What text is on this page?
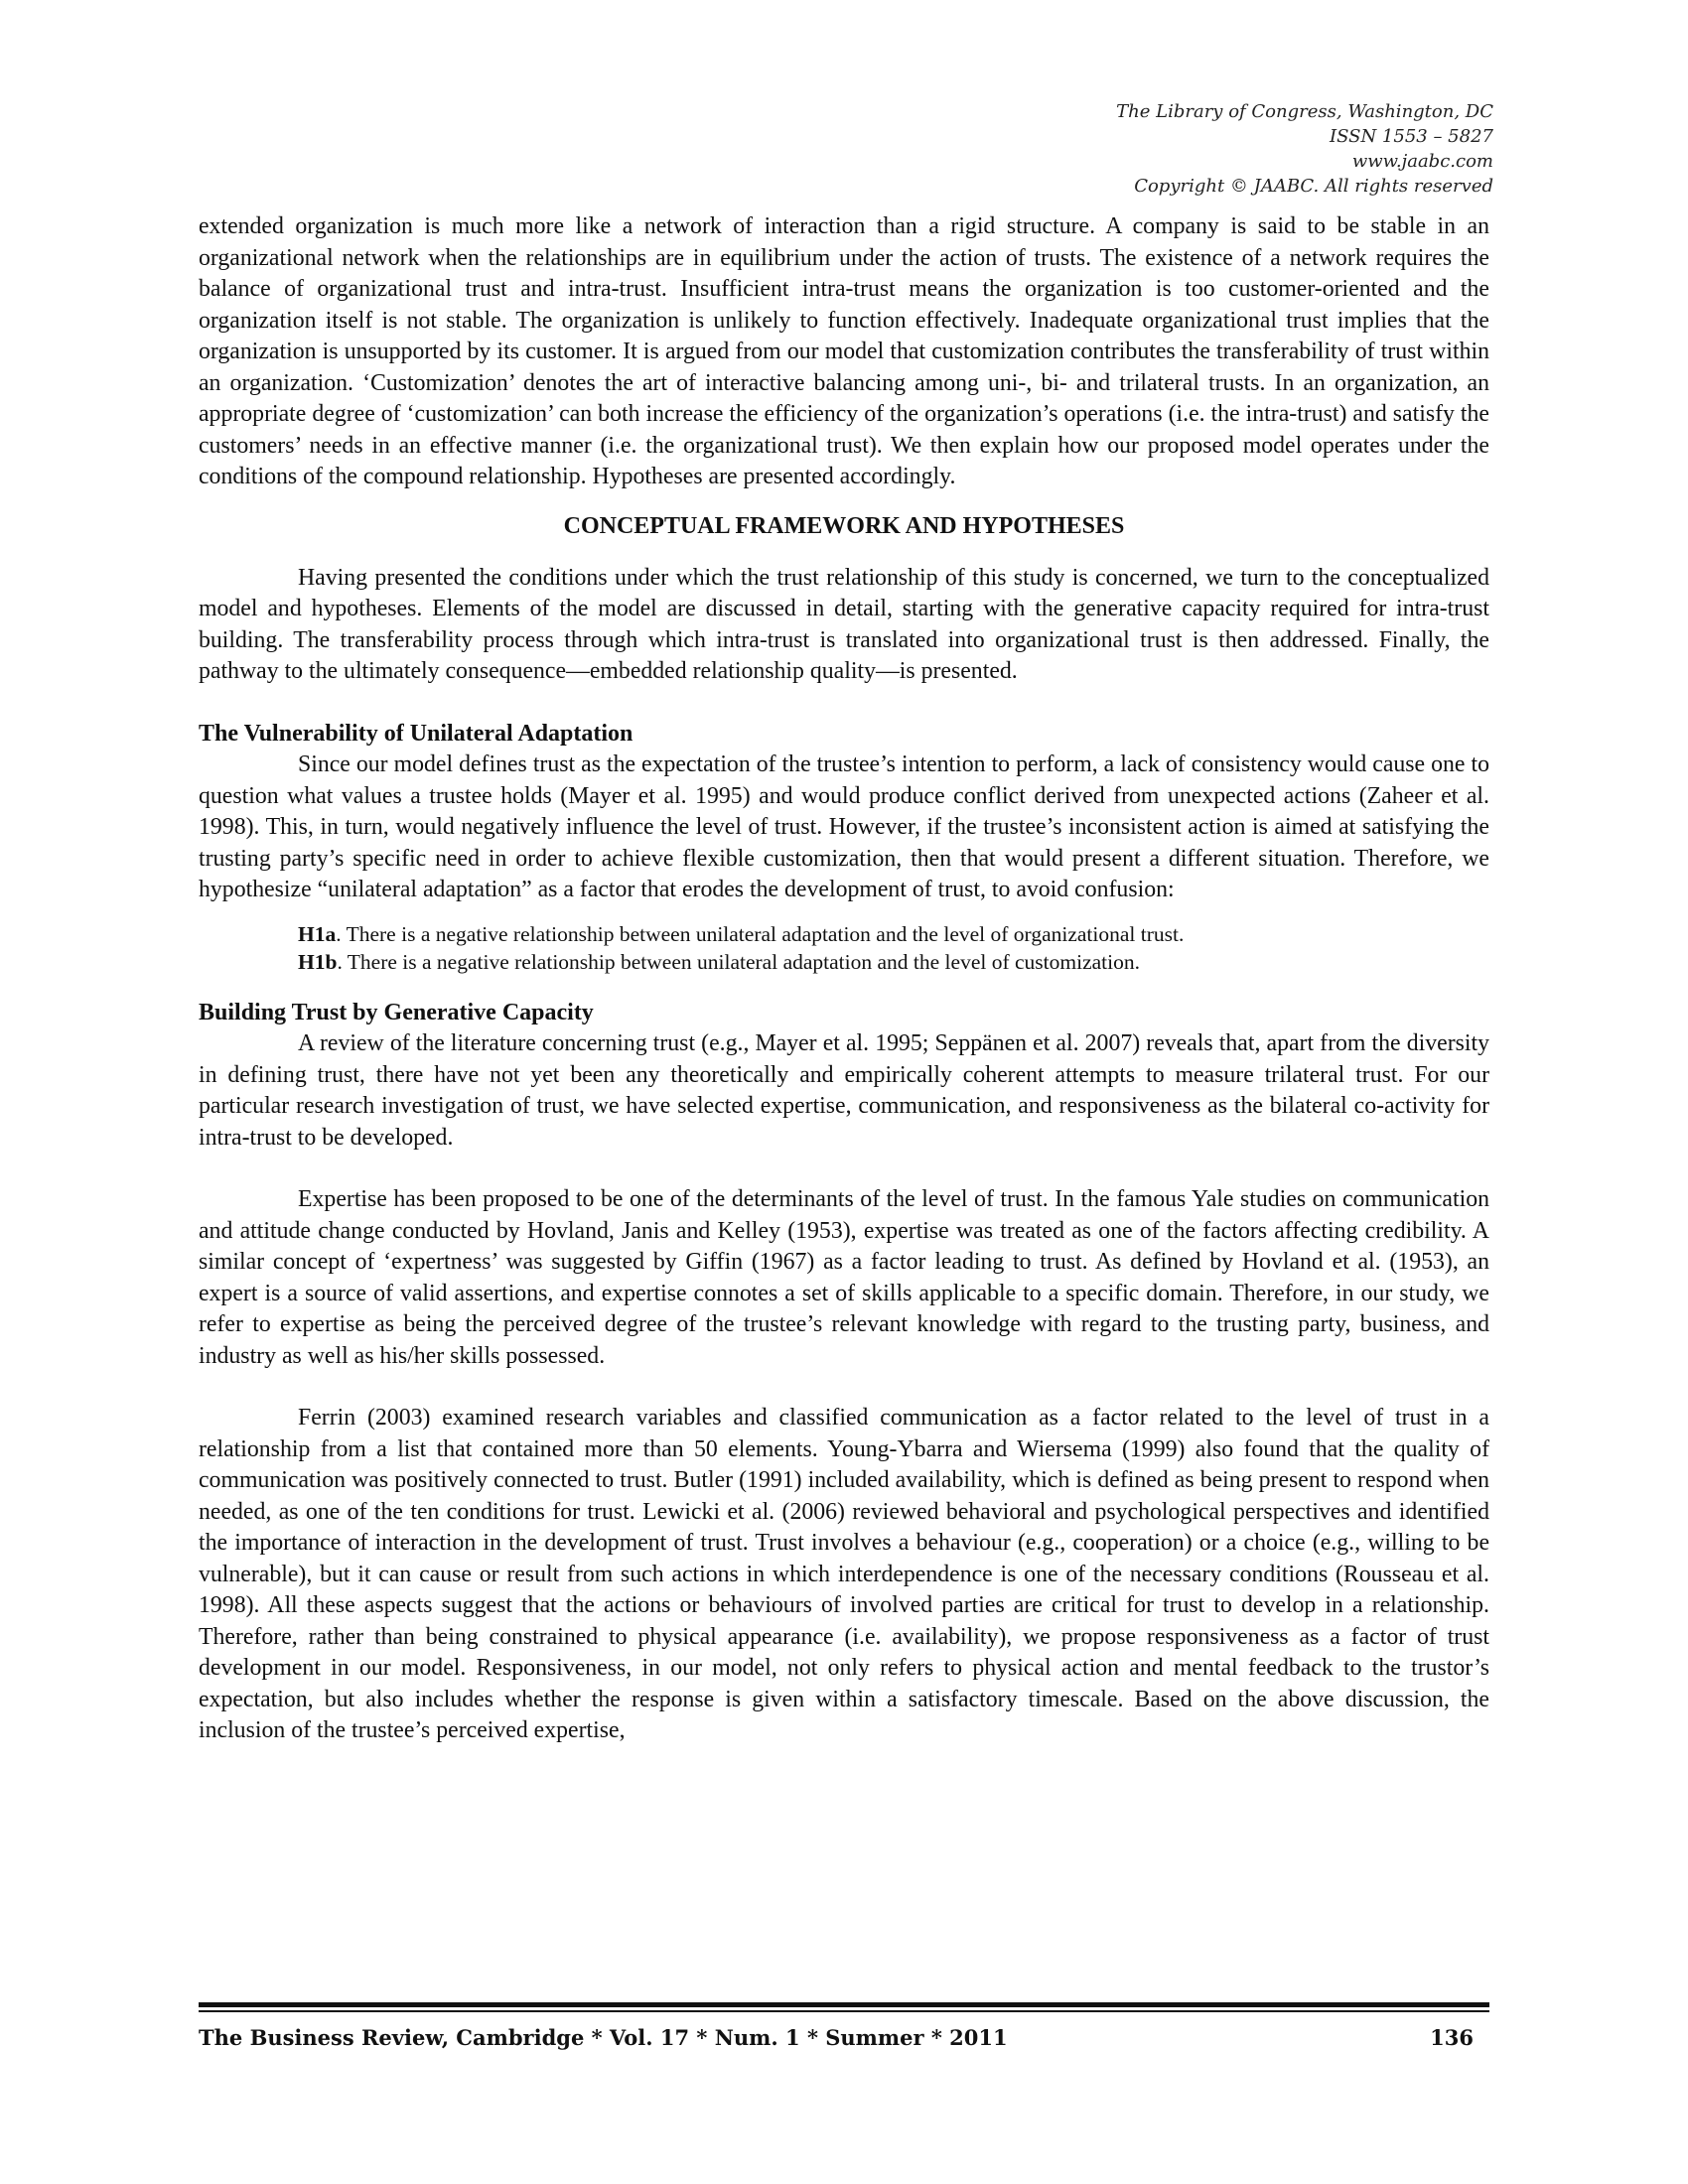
The Library of Congress, Washington, DC
ISSN 1553 – 5827
www.jaabc.com
Copyright © JAABC. All rights reserved

extended organization is much more like a network of interaction than a rigid structure. A company is said to be stable in an organizational network when the relationships are in equilibrium under the action of trusts. The existence of a network requires the balance of organizational trust and intra-trust. Insufficient intra-trust means the organization is too customer-oriented and the organization itself is not stable. The organization is unlikely to function effectively. Inadequate organizational trust implies that the organization is unsupported by its customer. It is argued from our model that customization contributes the transferability of trust within an organization. ‘Customization’ denotes the art of interactive balancing among uni-, bi- and trilateral trusts. In an organization, an appropriate degree of ‘customization’ can both increase the efficiency of the organization’s operations (i.e. the intra-trust) and satisfy the customers’ needs in an effective manner (i.e. the organizational trust). We then explain how our proposed model operates under the conditions of the compound relationship. Hypotheses are presented accordingly.

CONCEPTUAL FRAMEWORK AND HYPOTHESES

Having presented the conditions under which the trust relationship of this study is concerned, we turn to the conceptualized model and hypotheses. Elements of the model are discussed in detail, starting with the generative capacity required for intra-trust building. The transferability process through which intra-trust is translated into organizational trust is then addressed. Finally, the pathway to the ultimately consequence—embedded relationship quality—is presented.

The Vulnerability of Unilateral Adaptation

Since our model defines trust as the expectation of the trustee’s intention to perform, a lack of consistency would cause one to question what values a trustee holds (Mayer et al. 1995) and would produce conflict derived from unexpected actions (Zaheer et al. 1998). This, in turn, would negatively influence the level of trust. However, if the trustee’s inconsistent action is aimed at satisfying the trusting party’s specific need in order to achieve flexible customization, then that would present a different situation. Therefore, we hypothesize “unilateral adaptation” as a factor that erodes the development of trust, to avoid confusion:

H1a. There is a negative relationship between unilateral adaptation and the level of organizational trust.
H1b. There is a negative relationship between unilateral adaptation and the level of customization.
Building Trust by Generative Capacity

A review of the literature concerning trust (e.g., Mayer et al. 1995; Seppänen et al. 2007) reveals that, apart from the diversity in defining trust, there have not yet been any theoretically and empirically coherent attempts to measure trilateral trust. For our particular research investigation of trust, we have selected expertise, communication, and responsiveness as the bilateral co-activity for intra-trust to be developed.

Expertise has been proposed to be one of the determinants of the level of trust. In the famous Yale studies on communication and attitude change conducted by Hovland, Janis and Kelley (1953), expertise was treated as one of the factors affecting credibility. A similar concept of ‘expertness’ was suggested by Giffin (1967) as a factor leading to trust. As defined by Hovland et al. (1953), an expert is a source of valid assertions, and expertise connotes a set of skills applicable to a specific domain. Therefore, in our study, we refer to expertise as being the perceived degree of the trustee’s relevant knowledge with regard to the trusting party, business, and industry as well as his/her skills possessed.

Ferrin (2003) examined research variables and classified communication as a factor related to the level of trust in a relationship from a list that contained more than 50 elements. Young-Ybarra and Wiersema (1999) also found that the quality of communication was positively connected to trust. Butler (1991) included availability, which is defined as being present to respond when needed, as one of the ten conditions for trust. Lewicki et al. (2006) reviewed behavioral and psychological perspectives and identified the importance of interaction in the development of trust. Trust involves a behaviour (e.g., cooperation) or a choice (e.g., willing to be vulnerable), but it can cause or result from such actions in which interdependence is one of the necessary conditions (Rousseau et al. 1998). All these aspects suggest that the actions or behaviours of involved parties are critical for trust to develop in a relationship. Therefore, rather than being constrained to physical appearance (i.e. availability), we propose responsiveness as a factor of trust development in our model. Responsiveness, in our model, not only refers to physical action and mental feedback to the trustor’s expectation, but also includes whether the response is given within a satisfactory timescale. Based on the above discussion, the inclusion of the trustee’s perceived expertise,

The Business Review, Cambridge * Vol. 17 * Num. 1 * Summer * 2011	136
